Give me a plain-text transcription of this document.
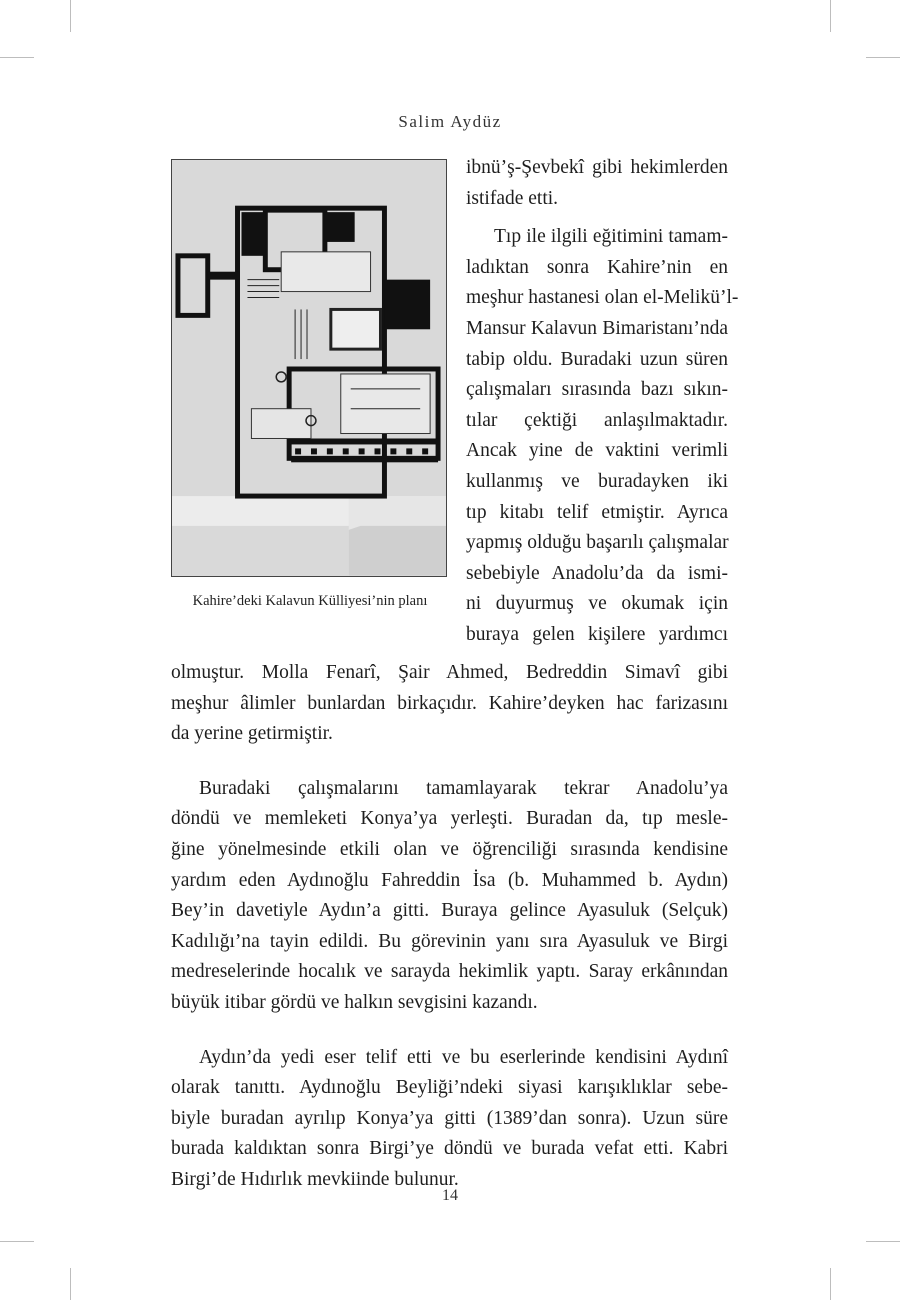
Salim Aydüz
Kahire’deki Kalavun Külliyesi’nin planı
ibnü’ş-Şevbekî gibi hekimlerden
istifade etti.
Tıp ile ilgili eğitimini tamam-
ladıktan sonra Kahire’nin en
meşhur hastanesi olan el-Melikü’l-
Mansur Kalavun Bimaristanı’nda
tabip oldu. Buradaki uzun süren
çalışmaları sırasında bazı sıkın-
tılar çektiği anlaşılmaktadır.
Ancak yine de vaktini verimli
kullanmış ve buradayken iki
tıp kitabı telif etmiştir. Ayrıca
yapmış olduğu başarılı çalışmalar
sebebiyle Anadolu’da da ismi-
ni duyurmuş ve okumak için
buraya gelen kişilere yardımcı

olmuştur. Molla Fenarî, Şair Ahmed, Bedreddin Simavî gibi
meşhur âlimler bunlardan birkaçıdır. Kahire’deyken hac farizasını
da yerine getirmiştir.

Buradaki çalışmalarını tamamlayarak tekrar Anadolu’ya
döndü ve memleketi Konya’ya yerleşti. Buradan da, tıp mesle-
ğine yönelmesinde etkili olan ve öğrenciliği sırasında kendisine
yardım eden Aydınoğlu Fahreddin İsa (b. Muhammed b. Aydın)
Bey’in davetiyle Aydın’a gitti. Buraya gelince Ayasuluk (Selçuk)
Kadılığı’na tayin edildi. Bu görevinin yanı sıra Ayasuluk ve Birgi
medreselerinde hocalık ve sarayda hekimlik yaptı. Saray erkânından
büyük itibar gördü ve halkın sevgisini kazandı.

Aydın’da yedi eser telif etti ve bu eserlerinde kendisini Aydınî
olarak tanıttı. Aydınoğlu Beyliği’ndeki siyasi karışıklıklar sebe-
biyle buradan ayrılıp Konya’ya gitti (1389’dan sonra). Uzun süre
burada kaldıktan sonra Birgi’ye döndü ve burada vefat etti. Kabri
Birgi’de Hıdırlık mevkiinde bulunur.

14
